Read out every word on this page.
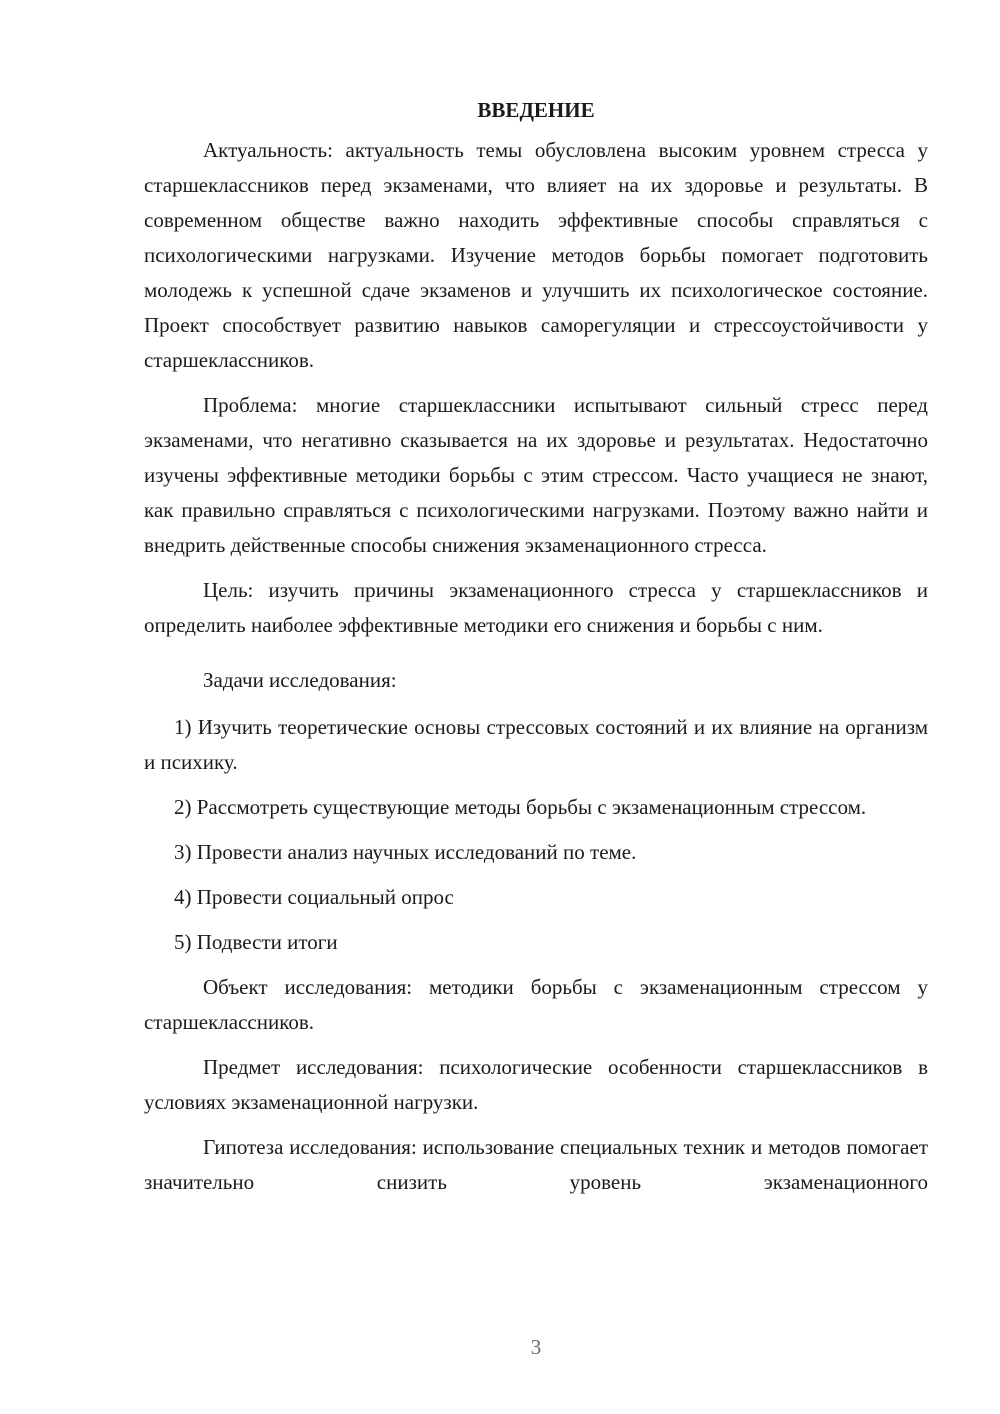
ВВЕДЕНИЕ

Актуальность: актуальность темы обусловлена высоким уровнем стресса у старшеклассников перед экзаменами, что влияет на их здоровье и результаты. В современном обществе важно находить эффективные способы справляться с психологическими нагрузками. Изучение методов борьбы помогает подготовить молодежь к успешной сдаче экзаменов и улучшить их психологическое состояние. Проект способствует развитию навыков саморегуляции и стрессоустойчивости у старшеклассников.

Проблема: многие старшеклассники испытывают сильный стресс перед экзаменами, что негативно сказывается на их здоровье и результатах. Недостаточно изучены эффективные методики борьбы с этим стрессом. Часто учащиеся не знают, как правильно справляться с психологическими нагрузками. Поэтому важно найти и внедрить действенные способы снижения экзаменационного стресса.

Цель: изучить причины экзаменационного стресса у старшеклассников и определить наиболее эффективные методики его снижения и борьбы с ним.

Задачи исследования:

1) Изучить теоретические основы стрессовых состояний и их влияние на организм и психику.

2) Рассмотреть существующие методы борьбы с экзаменационным стрессом.

3) Провести анализ научных исследований по теме.

4) Провести социальный опрос

5) Подвести итоги

Объект исследования: методики борьбы с экзаменационным стрессом у старшеклассников.

Предмет исследования: психологические особенности старшеклассников в условиях экзаменационной нагрузки.

Гипотеза исследования: использование специальных техник и методов помогает значительно снизить уровень экзаменационного

3
